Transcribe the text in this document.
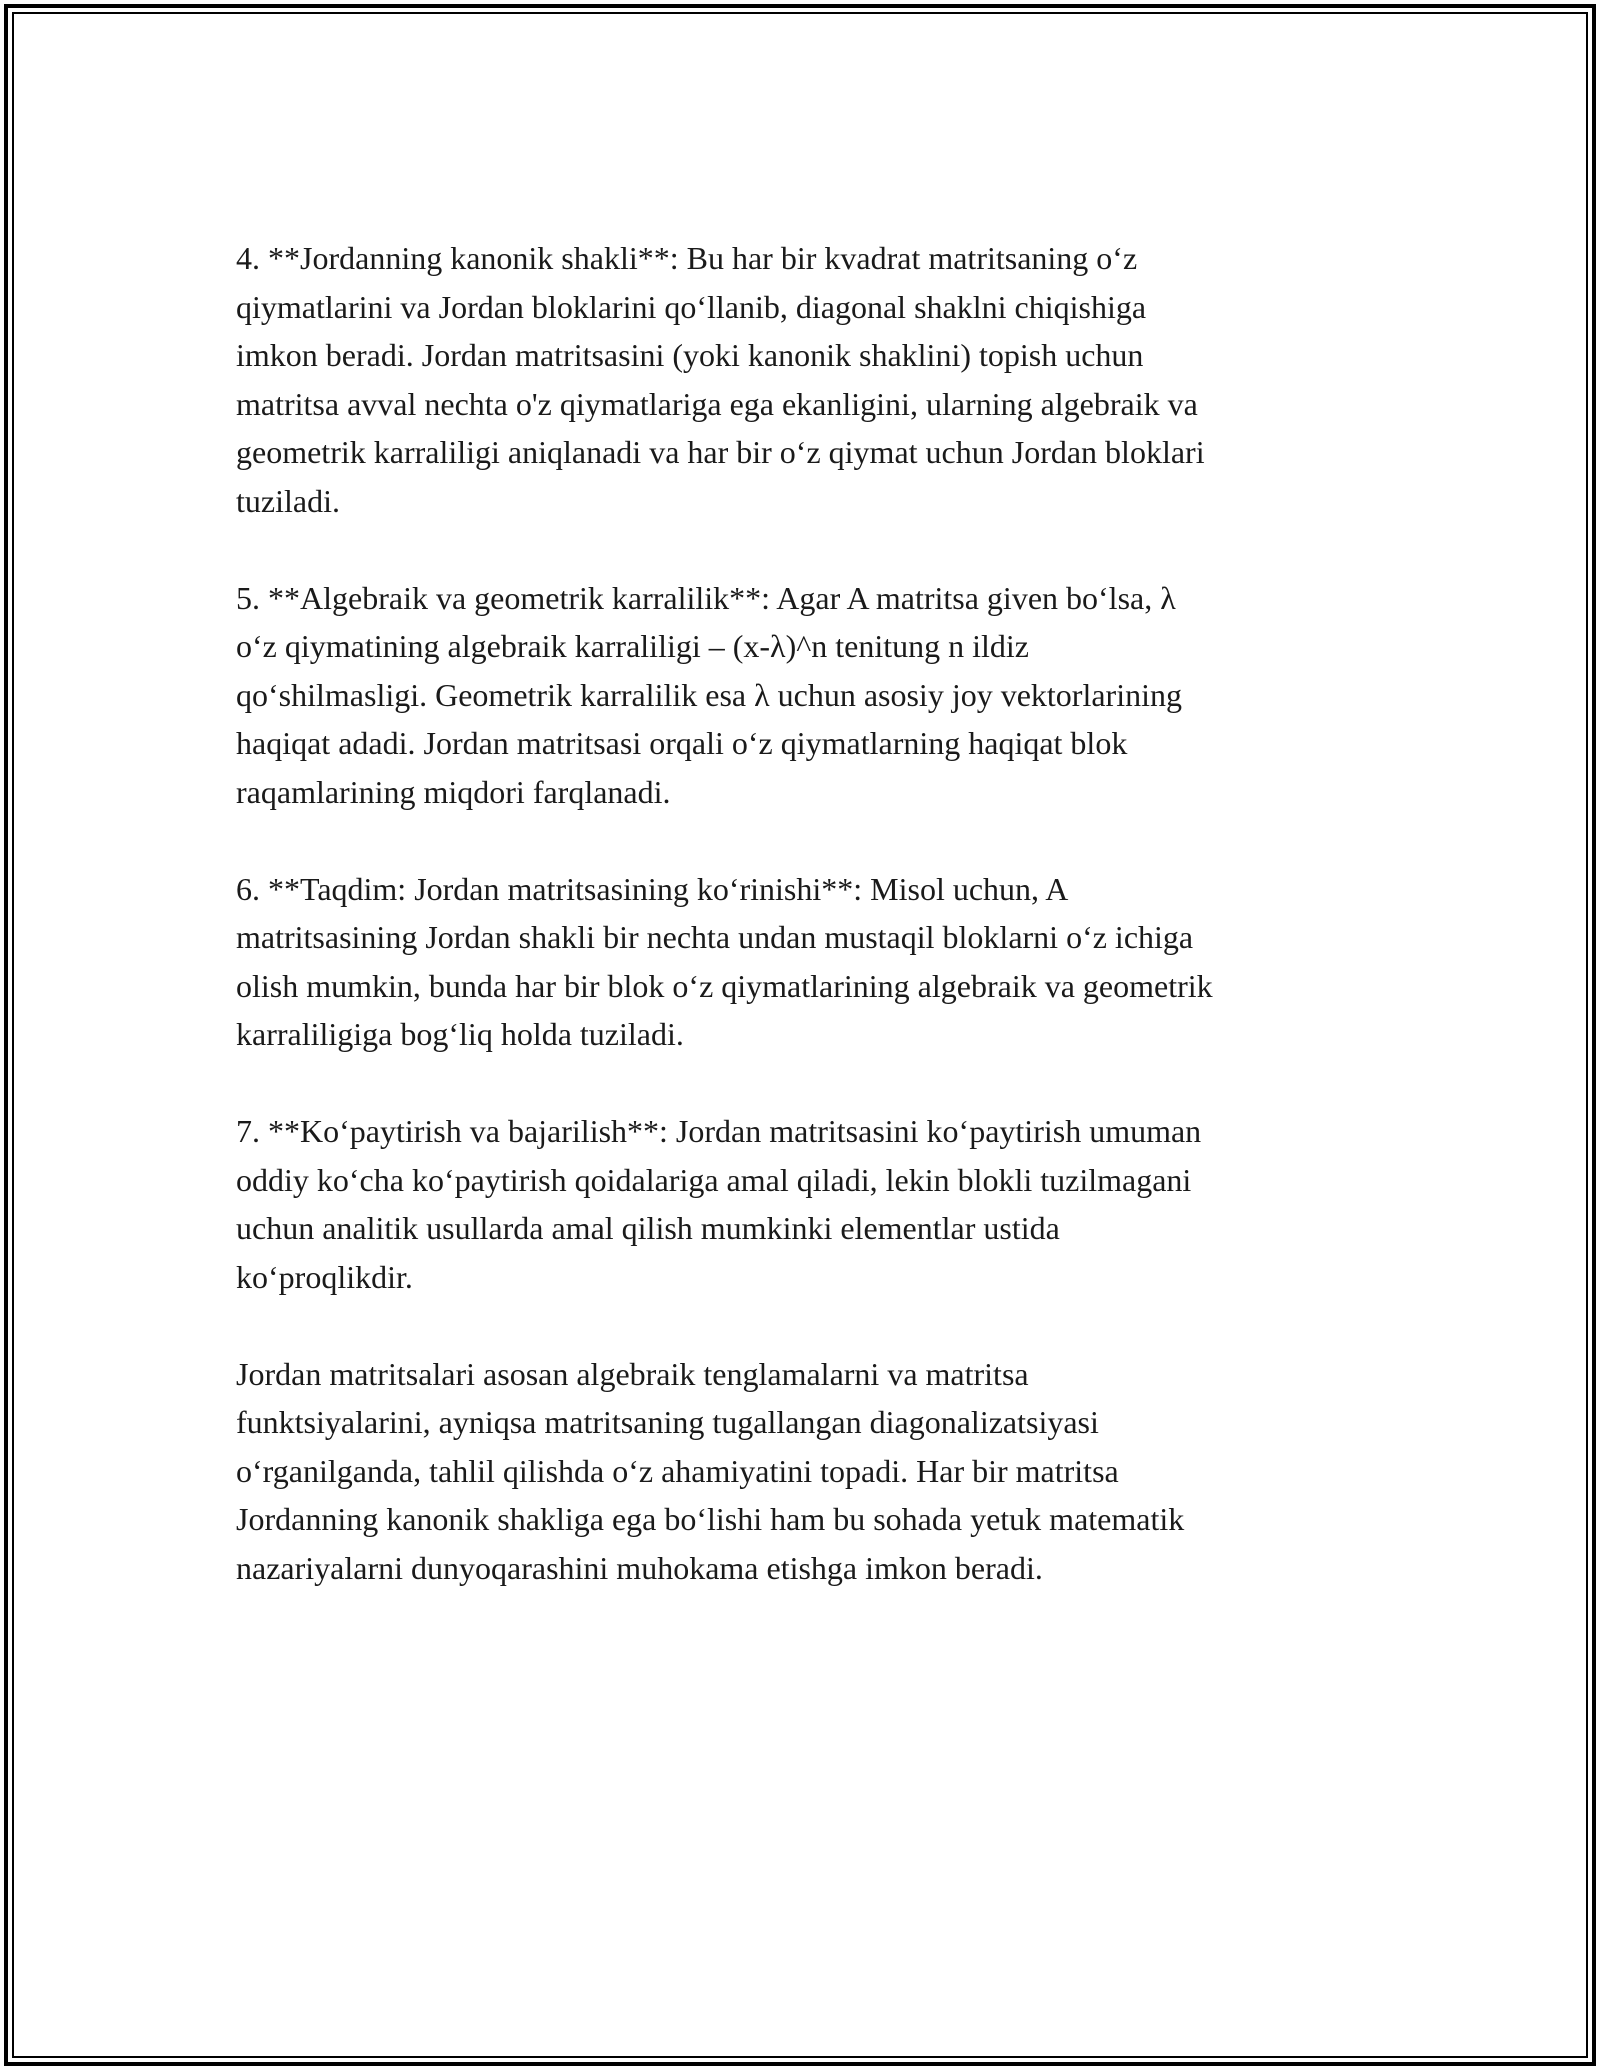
4. **Jordanning kanonik shakli**: Bu har bir kvadrat matritsaning o‘z
qiymatlarini va Jordan bloklarini qo‘llanib, diagonal shaklni chiqishiga
imkon beradi. Jordan matritsasini (yoki kanonik shaklini) topish uchun
matritsa avval nechta o'z qiymatlariga ega ekanligini, ularning algebraik va
geometrik karraliligi aniqlanadi va har bir o‘z qiymat uchun Jordan bloklari
tuziladi.

5. **Algebraik va geometrik karralilik**: Agar A matritsa given bo‘lsa, λ
o‘z qiymatining algebraik karraliligi – (x-λ)^n tenitung n ildiz
qo‘shilmasligi. Geometrik karralilik esa λ uchun asosiy joy vektorlarining
haqiqat adadi. Jordan matritsasi orqali o‘z qiymatlarning haqiqat blok
raqamlarining miqdori farqlanadi.

6. **Taqdim: Jordan matritsasining ko‘rinishi**: Misol uchun, A
matritsasining Jordan shakli bir nechta undan mustaqil bloklarni o‘z ichiga
olish mumkin, bunda har bir blok o‘z qiymatlarining algebraik va geometrik
karraliligiga bog‘liq holda tuziladi.

7. **Ko‘paytirish va bajarilish**: Jordan matritsasini ko‘paytirish umuman
oddiy ko‘cha ko‘paytirish qoidalariga amal qiladi, lekin blokli tuzilmagani
uchun analitik usullarda amal qilish mumkinki elementlar ustida
ko‘proqlikdir.

Jordan matritsalari asosan algebraik tenglamalarni va matritsa
funktsiyalarini, ayniqsa matritsaning tugallangan diagonalizatsiyasi
o‘rganilganda, tahlil qilishda o‘z ahamiyatini topadi. Har bir matritsa
Jordanning kanonik shakliga ega bo‘lishi ham bu sohada yetuk matematik
nazariyalarni dunyoqarashini muhokama etishga imkon beradi.
